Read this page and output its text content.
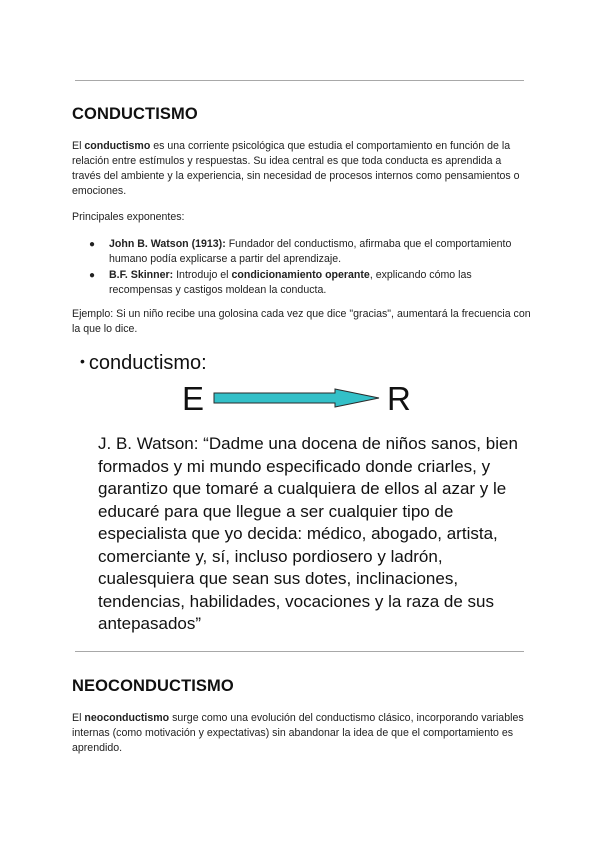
CONDUCTISMO

El conductismo es una corriente psicológica que estudia el comportamiento en función de la relación entre estímulos y respuestas. Su idea central es que toda conducta es aprendida a través del ambiente y la experiencia, sin necesidad de procesos internos como pensamientos o emociones.

Principales exponentes:

● John B. Watson (1913): Fundador del conductismo, afirmaba que el comportamiento humano podía explicarse a partir del aprendizaje.
● B.F. Skinner: Introdujo el condicionamiento operante, explicando cómo las recompensas y castigos moldean la conducta.

Ejemplo: Si un niño recibe una golosina cada vez que dice "gracias", aumentará la frecuencia con la que lo dice.

• conductismo:
E	R
J. B. Watson: “Dadme una docena de niños sanos, bien formados y mi mundo especificado donde criarles, y garantizo que tomaré a cualquiera de ellos al azar y le educaré para que llegue a ser cualquier tipo de especialista que yo decida: médico, abogado, artista, comerciante y, sí, incluso pordiosero y ladrón, cualesquiera que sean sus dotes, inclinaciones, tendencias, habilidades, vocaciones y la raza de sus antepasados”
NEOCONDUCTISMO

El neoconductismo surge como una evolución del conductismo clásico, incorporando variables internas (como motivación y expectativas) sin abandonar la idea de que el comportamiento es aprendido.
